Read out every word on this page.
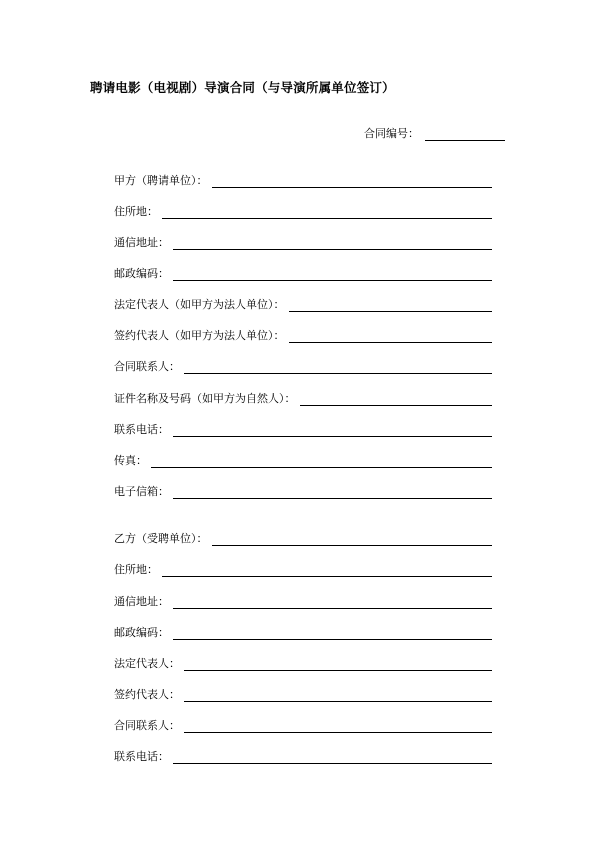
聘请电影（电视剧）导演合同（与导演所属单位签订）
合同编号：
甲方（聘请单位）：
住所地：
通信地址：
邮政编码：
法定代表人（如甲方为法人单位）：
签约代表人（如甲方为法人单位）：
合同联系人：
证件名称及号码（如甲方为自然人）：
联系电话：
传真：
电子信箱：
乙方（受聘单位）：
住所地：
通信地址：
邮政编码：
法定代表人：
签约代表人：
合同联系人：
联系电话：
